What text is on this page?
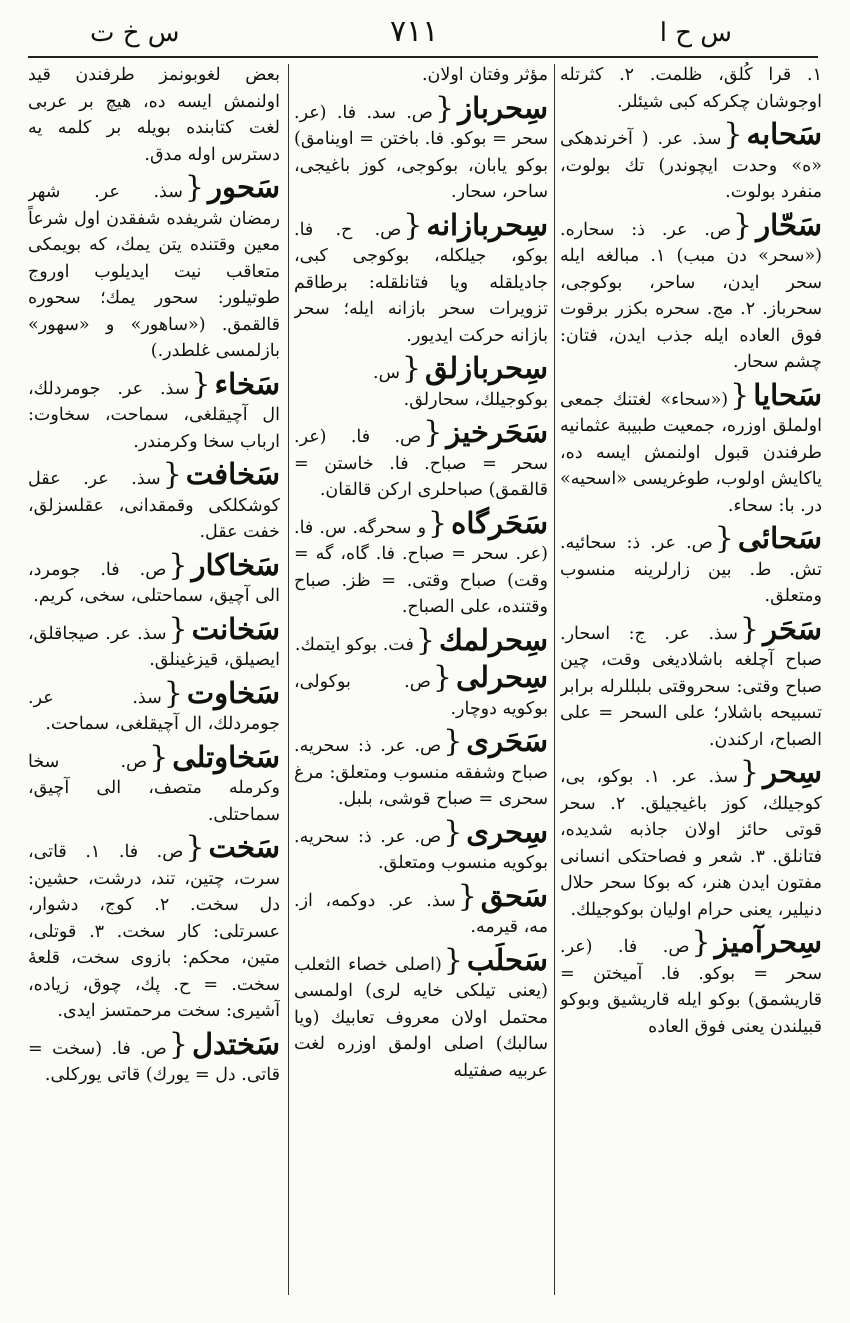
س ح ا
٧١١
س خ ت

١. قرا كُلق، ظلمت. ٢. كثرتله اوجوشان چكركه كبى شيئلر.

سَحابه{سذ. عر. ( آخرندهكى «ه» وحدت ايچوندر) تك بولوت، منفرد بولوت.

سَحّار{ص. عر. ذ: سحاره. («سحر» دن مبب) ١. مبالغه ايله سحر ايدن، ساحر، بوكوجى، سحرباز. ٢. مج. سحره بكزر برقوت فوق العاده ايله جذب ايدن، فتان: چشم سحار.

سَحايا{(«سحاء» لغتنك جمعى اولملق اوزره، جمعيت طبيبة عثمانيه طرفندن قبول اولنمش ايسه ده، ياكايش اولوب، طوغريسى «اسحيه» در. با: سحاء.

سَحائى{ص. عر. ذ: سحائيه. تش. ط. بين زارلرينه منسوب ومتعلق.

سَحَر{سذ. عر. ج: اسحار. صباح آچلغه باشلاديغى وقت، چين صباح وقتى: سحروقتى بلبللرله برابر تسبيحه باشلار؛ على السحر = على الصباح، اركندن.

سِحر{سذ. عر. ١. بوكو، بى، كوجيلك، كوز باغيجيلق. ٢. سحر قوتى حائز اولان جاذبه شديده، فتانلق. ٣. شعر و فصاحتكى انسانى مفتون ايدن هنر، كه بوكا سحر حلال دنيلير، يعنى حرام اوليان بوكوجيلك.

سِحرآميز{ص. فا. (عر. سحر = بوكو. فا. آميختن = قاريشمق) بوكو ايله قاريشيق وبوكو قبيلندن يعنى فوق العاده

مؤثر وفتان اولان.

سِحرباز{ص. سد. فا. (عر. سحر = بوكو. فا. باختن = اوينامق) بوكو يابان، بوكوجى، كوز باغيجى، ساحر، سحار.

سِحربازانه{ص. ح. فا. بوكو، جيلكله، بوكوجى كبى، جاديلقله ويا فتانلقله: برطاقم تزويرات سحر بازانه ايله؛ سحر بازانه حركت ايديور.

سِحربازلق{س. بوكوجيلك، سحارلق.

سَحَرخيز{ص. فا. (عر. سحر = صباح. فا. خاستن = قالقمق) صباحلرى اركن قالقان.

سَحَرگاه{و سحرگه. س. فا. (عر. سحر = صباح. فا. گاه، گه = وقت) صباح وقتى. = ظز. صباح وقتنده، على الصباح.

سِحرلمك{فت. بوكو ايتمك.

سِحرلى{ص. بوكولى، بوكويه دوچار.

سَحَرى{ص. عر. ذ: سحريه. صباح وشفقه منسوب ومتعلق: مرغ سحرى = صباح قوشى، بلبل.

سِحرى{ص. عر. ذ: سحريه. بوكويه منسوب ومتعلق.

سَحق{سذ. عر. دوكمه، از. مه، قيرمه.

سَحلَب{(اصلى خصاء الثعلب (يعنى تيلكى خايه لرى) اولمسى محتمل اولان معروف تعابيك (ويا سالبك) اصلى اولمق اوزره لغت عربيه صفتيله

بعض لغوبونمز طرفندن قيد اولنمش ايسه ده، هيچ بر عربى لغت كتابنده بويله بر كلمه يه دسترس اوله مدق.

سَحور{سذ. عر. شهر رمضان شريفده شفقدن اول شرعاً معين وقتنده يتن يمك، كه بويمكى متعاقب نيت ايديلوب اوروج طوتيلور: سحور يمك؛ سحوره قالقمق. («ساهور» و «سهور» بازلمسى غلطدر.)

سَخاء{سذ. عر. جومردلك، ال آچيقلغى، سماحت، سخاوت: ارباب سخا وكرمندر.

سَخافت{سذ. عر. عقل كوشكلكى وقمقدانى، عقلسزلق، خفت عقل.

سَخاكار{ص. فا. جومرد، الى آچيق، سماحتلى، سخى، كريم.

سَخانت{سذ. عر. صيجاقلق، ايصيلق، قيزغينلق.

سَخاوت{سذ. عر. جومردلك، ال آچيقلغى، سماحت.

سَخاوتلى{ص. سخا وكرمله متصف، الى آچيق، سماحتلى.

سَخت{ص. فا. ١. قاتى، سرت، چتين، تند، درشت، حشين: دل سخت. ٢. كوج، دشوار، عسرتلى: كار سخت. ٣. قوتلى، متين، محكم: بازوى سخت، قلعهٔ سخت. = ح. پك، چوق، زياده، آشيرى: سخت مرحمتسز ايدى.

سَختدل{ص. فا. (سخت = قاتى. دل = يورك) قاتى يوركلى.
